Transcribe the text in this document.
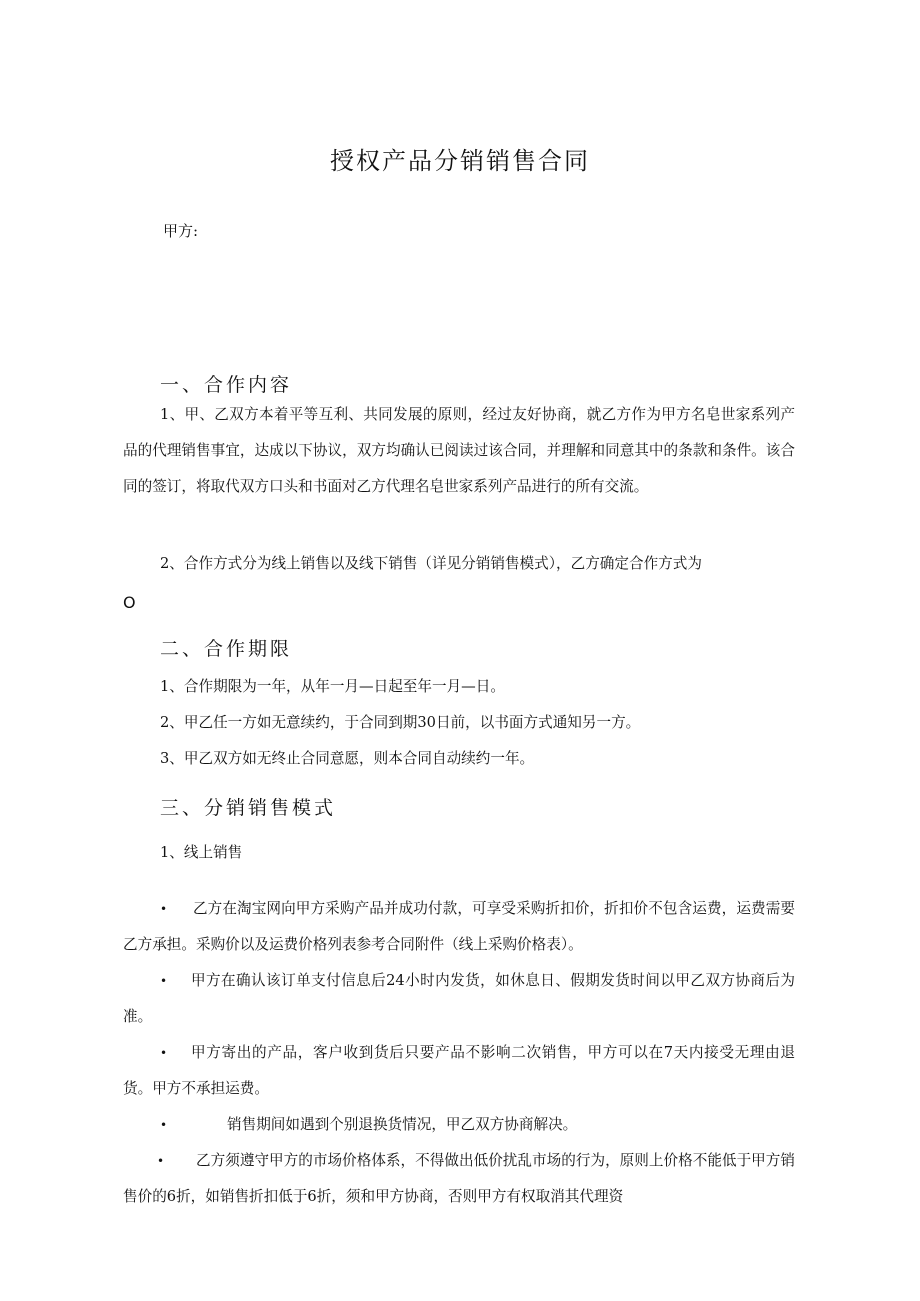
授权产品分销销售合同
甲方:
一、合作内容

1、甲、乙双方本着平等互利、共同发展的原则，经过友好协商，就乙方作为甲方名皂世家系列产品的代理销售事宜，达成以下协议，双方均确认已阅读过该合同，并理解和同意其中的条款和条件。该合同的签订，将取代双方口头和书面对乙方代理名皂世家系列产品进行的所有交流。

2、合作方式分为线上销售以及线下销售（详见分销销售模式），乙方确定合作方式为

O
二、合作期限
1、合作期限为一年，从年一月—日起至年一月—日。
2、甲乙任一方如无意续约，于合同到期30日前，以书面方式通知另一方。
3、甲乙双方如无终止合同意愿，则本合同自动续约一年。
三、分销销售模式
1、线上销售
•	乙方在淘宝网向甲方采购产品并成功付款，可享受采购折扣价，折扣价不包含运费，运费需要乙方承担。采购价以及运费价格列表参考合同附件（线上采购价格表）。

•	甲方在确认该订单支付信息后24小时内发货，如休息日、假期发货时间以甲乙双方协商后为准。

•	甲方寄出的产品，客户收到货后只要产品不影响二次销售，甲方可以在7天内接受无理由退货。甲方不承担运费。

•	销售期间如遇到个别退换货情况，甲乙双方协商解决。
•	乙方须遵守甲方的市场价格体系，不得做出低价扰乱市场的行为，原则上价格不能低于甲方销售价的6折，如销售折扣低于6折，须和甲方协商，否则甲方有权取消其代理资
